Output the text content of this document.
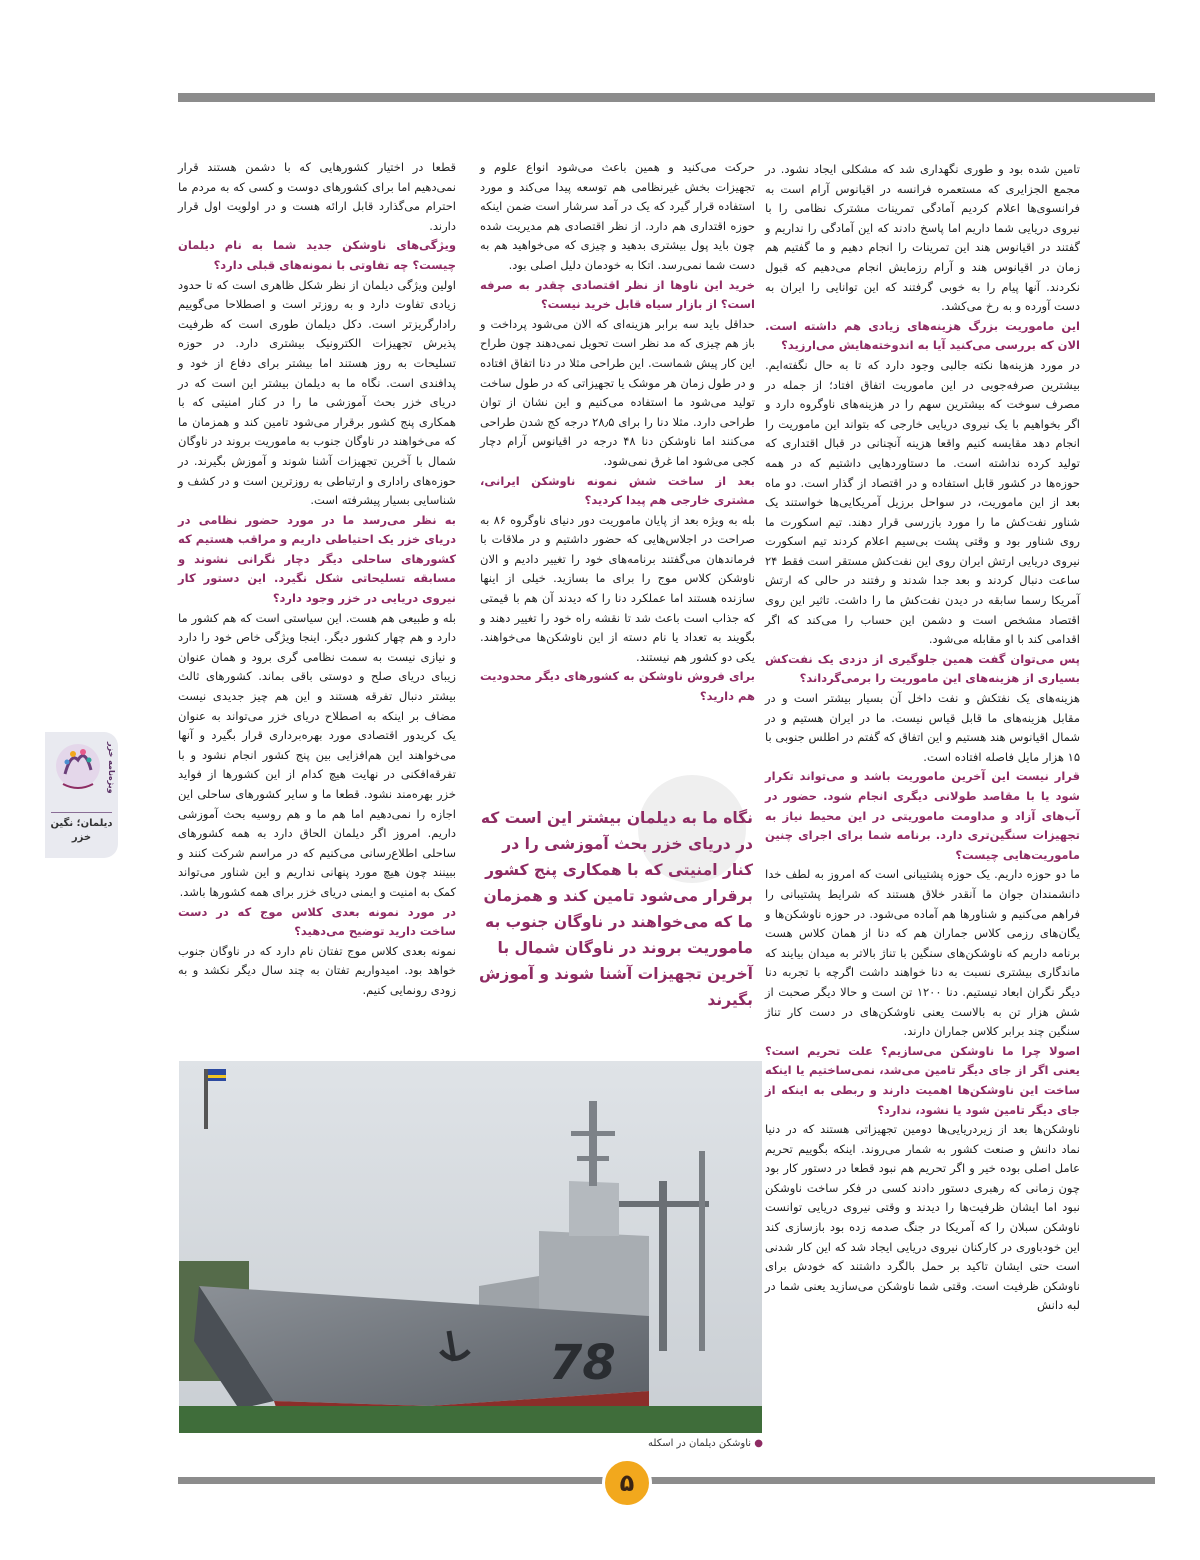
تامین شده بود و طوری نگهداری شد که مشکلی ایجاد نشود. در مجمع الجزایری که مستعمره فرانسه در اقیانوس آرام است به فرانسوی‌ها اعلام کردیم آمادگی تمرینات مشترک نظامی را با نیروی دریایی شما داریم اما پاسخ دادند که این آمادگی را نداریم و گفتند در اقیانوس هند این تمرینات را انجام دهیم و ما گفتیم هم زمان در اقیانوس هند و آرام رزمایش انجام می‌دهیم که قبول نکردند. آنها پیام را به خوبی گرفتند که این توانایی را ایران به دست آورده و به رخ می‌کشد.

این ماموریت بزرگ هزینه‌های زیادی هم داشته است. الان که بررسی می‌کنید آیا به اندوخته‌هایش می‌ارزید؟

در مورد هزینه‌ها نکته جالبی وجود دارد که تا به حال نگفته‌ایم. بیشترین صرفه‌جویی در این ماموریت اتفاق افتاد؛ از جمله در مصرف سوخت که بیشترین سهم را در هزینه‌های ناوگروه دارد و اگر بخواهیم با یک نیروی دریایی خارجی که بتواند این ماموریت را انجام دهد مقایسه کنیم واقعا هزینه آنچنانی در قبال اقتداری که تولید کرده نداشته است. ما دستاوردهایی داشتیم که در همه حوزه‌ها در کشور قابل استفاده و در اقتصاد از گذار است. دو ماه بعد از این ماموریت، در سواحل برزیل آمریکایی‌ها خواستند یک شناور نفت‌کش ما را مورد بازرسی قرار دهند. تیم اسکورت ما روی شناور بود و وقتی پشت بی‌سیم اعلام کردند تیم اسکورت نیروی دریایی ارتش ایران روی این نفت‌کش مستقر است فقط ۲۴ ساعت دنبال کردند و بعد جدا شدند و رفتند در حالی که ارتش آمریکا رسما سابقه در دیدن نفت‌کش ما را داشت. تاثیر این روی اقتصاد مشخص است و دشمن این حساب را می‌کند که اگر اقدامی کند با او مقابله می‌شود.

پس می‌توان گفت همین جلوگیری از دزدی یک نفت‌کش بسیاری از هزینه‌های این ماموریت را برمی‌گرداند؟

هزینه‌های یک نفتکش و نفت داخل آن بسیار بیشتر است و در مقابل هزینه‌های ما قابل قیاس نیست. ما در ایران هستیم و در شمال اقیانوس هند هستیم و این اتفاق که گفتم در اطلس جنوبی با ۱۵ هزار مایل فاصله افتاده است.

قرار نیست این آخرین ماموریت باشد و می‌تواند تکرار شود یا با مقاصد طولانی دیگری انجام شود. حضور در آب‌های آزاد و مداومت ماموریتی در این محیط نیاز به تجهیزات سنگین‌تری دارد. برنامه شما برای اجرای چنین ماموریت‌هایی چیست؟

ما دو حوزه داریم. یک حوزه پشتیبانی است که امروز به لطف خدا دانشمندان جوان ما آنقدر خلاق هستند که شرایط پشتیبانی را فراهم می‌کنیم و شناورها هم آماده می‌شود. در حوزه ناوشکن‌ها و یگان‌های رزمی کلاس جماران هم که دنا از همان کلاس هست برنامه داریم که ناوشکن‌های سنگین با تناژ بالاتر به میدان بیایند که ماندگاری بیشتری نسبت به دنا خواهند داشت اگرچه با تجربه دنا دیگر نگران ابعاد نیستیم. دنا ۱۲۰۰ تن است و حالا دیگر صحبت از شش هزار تن به بالاست یعنی ناوشکن‌های در دست کار تناژ سنگین چند برابر کلاس جماران دارند.

اصولا چرا ما ناوشکن می‌سازیم؟ علت تحریم است؟ یعنی اگر از جای دیگر تامین می‌شد، نمی‌ساختیم یا اینکه ساخت این ناوشکن‌ها اهمیت دارند و ربطی به اینکه از جای دیگر تامین شود یا نشود، ندارد؟

ناوشکن‌ها بعد از زیردریایی‌ها دومین تجهیزاتی هستند که در دنیا نماد دانش و صنعت کشور به شمار می‌روند. اینکه بگوییم تحریم عامل اصلی بوده خیر و اگر تحریم هم نبود قطعا در دستور کار بود چون زمانی که رهبری دستور دادند کسی در فکر ساخت ناوشکن نبود اما ایشان ظرفیت‌ها را دیدند و وقتی نیروی دریایی توانست ناوشکن سبلان را که آمریکا در جنگ صدمه زده بود بازسازی کند این خودباوری در کارکنان نیروی دریایی ایجاد شد که این کار شدنی است حتی ایشان تاکید بر حمل بالگرد داشتند که خودش برای ناوشکن ظرفیت است. وقتی شما ناوشکن می‌سازید یعنی شما در لبه دانش

حرکت می‌کنید و همین باعث می‌شود انواع علوم و تجهیزات بخش غیرنظامی هم توسعه پیدا می‌کند و مورد استفاده قرار گیرد که یک در آمد سرشار است ضمن اینکه حوزه اقتداری هم دارد. از نظر اقتصادی هم مدیریت شده چون باید پول بیشتری بدهید و چیزی که می‌خواهید هم به دست شما نمی‌رسد. اتکا به خودمان دلیل اصلی بود.

خرید این ناوها از نظر اقتصادی چقدر به صرفه است؟ از بازار سیاه قابل خرید نیست؟

حداقل باید سه برابر هزینه‌ای که الان می‌شود پرداخت و باز هم چیزی که مد نظر است تحویل نمی‌دهند چون طراح این کار پیش شماست. این طراحی مثلا در دنا اتفاق افتاده و در طول زمان هر موشک یا تجهیزاتی که در طول ساخت تولید می‌شود ما استفاده می‌کنیم و این نشان از توان طراحی دارد. مثلا دنا را برای ۲۸٫۵ درجه کج شدن طراحی می‌کنند اما ناوشکن دنا ۴۸ درجه در اقیانوس آرام دچار کجی می‌شود اما غرق نمی‌شود.

بعد از ساخت شش نمونه ناوشکن ایرانی، مشتری خارجی هم پیدا کردید؟

بله به ویژه بعد از پایان ماموریت دور دنیای ناوگروه ۸۶ به صراحت در اجلاس‌هایی که حضور داشتیم و در ملاقات با فرماندهان می‌گفتند برنامه‌های خود را تغییر دادیم و الان ناوشکن کلاس موج را برای ما بسازید. خیلی از اینها سازنده هستند اما عملکرد دنا را که دیدند آن هم با قیمتی که جذاب است باعث شد تا نقشه راه خود را تغییر دهند و بگویند به تعداد یا نام دسته از این ناوشکن‌ها می‌خواهند. یکی دو کشور هم نیستند.

برای فروش ناوشکن به کشورهای دیگر محدودیت هم دارید؟

قطعا در اختیار کشورهایی که با دشمن هستند قرار نمی‌دهیم اما برای کشورهای دوست و کسی که به مردم ما احترام می‌گذارد قابل ارائه هست و در اولویت اول قرار دارند.

ویژگی‌های ناوشکن جدید شما به نام دیلمان چیست؟ چه تفاوتی با نمونه‌های قبلی دارد؟

اولین ویژگی دیلمان از نظر شکل ظاهری است که تا حدود زیادی تفاوت دارد و به روزتر است و اصطلاحا می‌گوییم رادارگریزتر است. دکل دیلمان طوری است که ظرفیت پذیرش تجهیزات الکترونیک بیشتری دارد. در حوزه تسلیحات به روز هستند اما بیشتر برای دفاع از خود و پدافندی است. نگاه ما به دیلمان بیشتر این است که در دریای خزر بحث آموزشی ما را در کنار امنیتی که با همکاری پنج کشور برقرار می‌شود تامین کند و همزمان ما که می‌خواهند در ناوگان جنوب به ماموریت بروند در ناوگان شمال با آخرین تجهیزات آشنا شوند و آموزش بگیرند. در حوزه‌های راداری و ارتباطی به روزترین است و در کشف و شناسایی بسیار پیشرفته است.

به نظر می‌رسد ما در مورد حضور نظامی در دریای خزر یک احتیاطی داریم و مراقب هستیم که کشورهای ساحلی دیگر دچار نگرانی نشوند و مسابقه تسلیحاتی شکل نگیرد. این دستور کار نیروی دریایی در خزر وجود دارد؟

بله و طبیعی هم هست. این سیاستی است که هم کشور ما دارد و هم چهار کشور دیگر. اینجا ویژگی خاص خود را دارد و نیازی نیست به سمت نظامی گری برود و همان عنوان زیبای دریای صلح و دوستی باقی بماند. کشورهای ثالث بیشتر دنبال تفرقه هستند و این هم چیز جدیدی نیست مضاف بر اینکه به اصطلاح دریای خزر می‌تواند به عنوان یک کریدور اقتصادی مورد بهره‌برداری قرار بگیرد و آنها می‌خواهند این هم‌افزایی بین پنج کشور انجام نشود و با تفرقه‌افکنی در نهایت هیچ کدام از این کشورها از فواید خزر بهره‌مند نشود. قطعا ما و سایر کشورهای ساحلی این اجازه را نمی‌دهیم اما هم ما و هم روسیه بحث آموزشی داریم. امروز اگر دیلمان الحاق دارد به همه کشورهای ساحلی اطلاع‌رسانی می‌کنیم که در مراسم شرکت کنند و ببینند چون هیچ مورد پنهانی نداریم و این شناور می‌تواند کمک به امنیت و ایمنی دریای خزر برای همه کشورها باشد.

در مورد نمونه بعدی کلاس موج که در دست ساخت دارید توضیح می‌دهید؟

نمونه بعدی کلاس موج تفتان نام دارد که در ناوگان جنوب خواهد بود. امیدواریم تفتان به چند سال دیگر نکشد و به زودی رونمایی کنیم.

نگاه ما به دیلمان بیشتر این است که در دریای خزر بحث آموزشی را در کنار امنیتی که با همکاری پنج کشور برقرار می‌شود تامین کند و همزمان ما که می‌خواهند در ناوگان جنوب به ماموریت بروند در ناوگان شمال با آخرین تجهیزات آشنا شوند و آموزش بگیرند
ویژه‌نامه خزر
دیلمان؛ نگین خزر
78
● ناوشکن دیلمان در اسکله
۵
